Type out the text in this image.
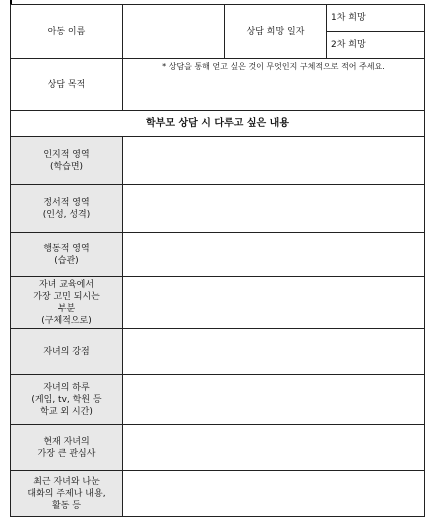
아동 이름		상담 희망 일자	1차 희망
			2차 희망
상담 목적	* 상담을 통해 얻고 싶은 것이 무엇인지 구체적으로 적어 주세요.		
학부모 상담 시 다루고 싶은 내용			

인지적 영역
(학습면)			

정서적 영역
(인성, 성격)			

행동적 영역
(습관)			

자녀 교육에서
가장 고민 되시는
부분
(구체적으로)			

자녀의 강점			

자녀의 하루
(게임, tv, 학원 등
학교 외 시간)			

현재 자녀의
가장 큰 관심사			

최근 자녀와 나눈
대화의 주제나 내용,
활동 등			
